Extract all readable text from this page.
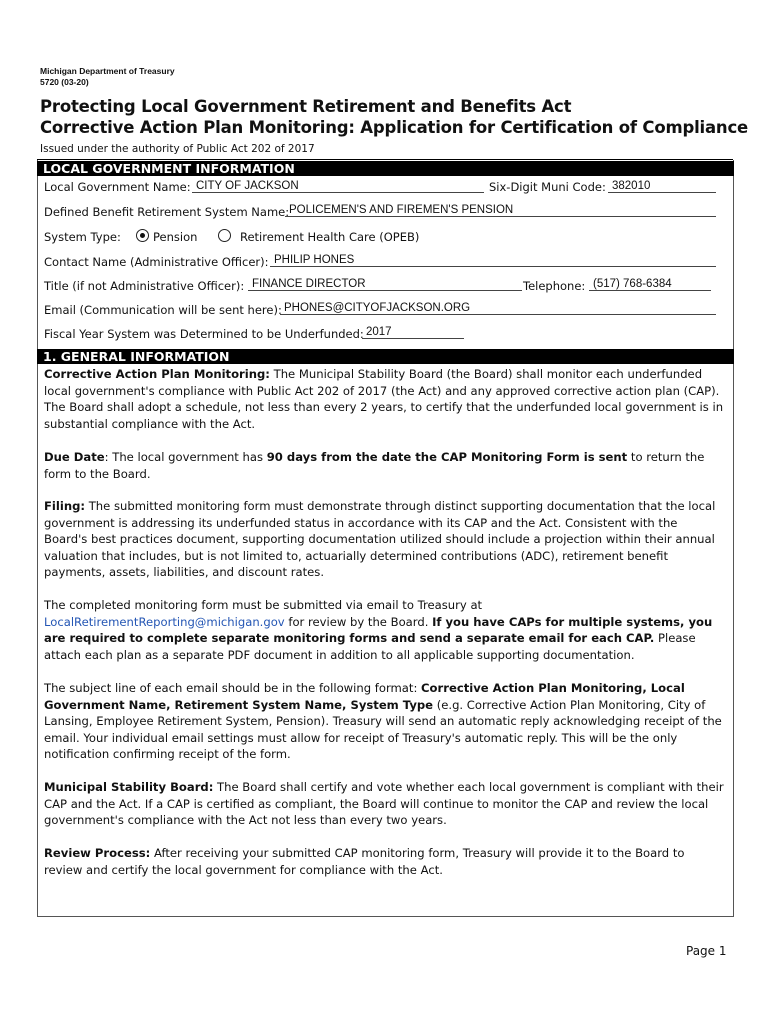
Michigan Department of Treasury
5720 (03-20)
Protecting Local Government Retirement and Benefits Act
Corrective Action Plan Monitoring: Application for Certification of Compliance
Issued under the authority of Public Act 202 of 2017
LOCAL GOVERNMENT INFORMATION
Local Government Name: CITY OF JACKSON	Six-Digit Muni Code: 382010
Defined Benefit Retirement System Name: POLICEMEN'S AND FIREMEN'S PENSION
System Type:	Pension	Retirement Health Care (OPEB)
Contact Name (Administrative Officer): PHILIP HONES
Title (if not Administrative Officer): FINANCE DIRECTOR	Telephone: (517) 768-6384
Email (Communication will be sent here): PHONES@CITYOFJACKSON.ORG
Fiscal Year System was Determined to be Underfunded: 2017
1. GENERAL INFORMATION
Corrective Action Plan Monitoring: The Municipal Stability Board (the Board) shall monitor each underfunded local government's compliance with Public Act 202 of 2017 (the Act) and any approved corrective action plan (CAP). The Board shall adopt a schedule, not less than every 2 years, to certify that the underfunded local government is in substantial compliance with the Act.
Due Date: The local government has 90 days from the date the CAP Monitoring Form is sent to return the form to the Board.
Filing: The submitted monitoring form must demonstrate through distinct supporting documentation that the local government is addressing its underfunded status in accordance with its CAP and the Act. Consistent with the Board's best practices document, supporting documentation utilized should include a projection within their annual valuation that includes, but is not limited to, actuarially determined contributions (ADC), retirement benefit payments, assets, liabilities, and discount rates.
The completed monitoring form must be submitted via email to Treasury at LocalRetirementReporting@michigan.gov for review by the Board. If you have CAPs for multiple systems, you are required to complete separate monitoring forms and send a separate email for each CAP. Please attach each plan as a separate PDF document in addition to all applicable supporting documentation.
The subject line of each email should be in the following format: Corrective Action Plan Monitoring, Local Government Name, Retirement System Name, System Type (e.g. Corrective Action Plan Monitoring, City of Lansing, Employee Retirement System, Pension). Treasury will send an automatic reply acknowledging receipt of the email. Your individual email settings must allow for receipt of Treasury's automatic reply. This will be the only notification confirming receipt of the form.
Municipal Stability Board: The Board shall certify and vote whether each local government is compliant with their CAP and the Act. If a CAP is certified as compliant, the Board will continue to monitor the CAP and review the local government's compliance with the Act not less than every two years.
Review Process: After receiving your submitted CAP monitoring form, Treasury will provide it to the Board to review and certify the local government for compliance with the Act.
Page 1
